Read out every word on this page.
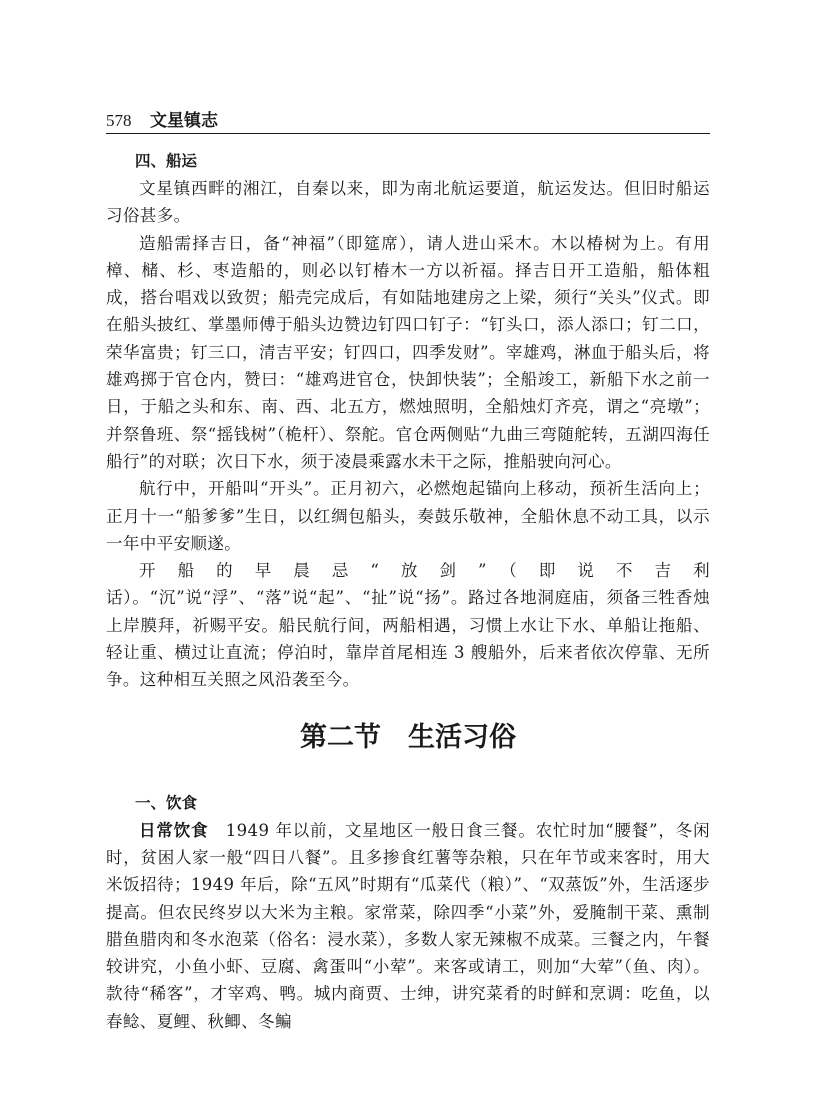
578 文星镇志
四、船运

文星镇西畔的湘江，自秦以来，即为南北航运要道，航运发达。但旧时船运习俗甚多。

造船需择吉日，备“神福”（即筵席），请人进山采木。木以椿树为上。有用樟、槠、杉、枣造船的，则必以钉椿木一方以祈福。择吉日开工造船，船体粗成，搭台唱戏以致贺；船壳完成后，有如陆地建房之上梁，须行“关头”仪式。即在船头披红、掌墨师傅于船头边赞边钉四口钉子：“钉头口，添人添口；钉二口，荣华富贵；钉三口，清吉平安；钉四口，四季发财”。宰雄鸡，淋血于船头后，将雄鸡掷于官仓内，赞曰：“雄鸡进官仓，快卸快装”；全船竣工，新船下水之前一日，于船之头和东、南、西、北五方，燃烛照明，全船烛灯齐亮，谓之“亮墩”；并祭鲁班、祭“摇钱树”（桅杆）、祭舵。官仓两侧贴“九曲三弯随舵转，五湖四海任船行”的对联；次日下水，须于凌晨乘露水未干之际，推船驶向河心。

航行中，开船叫“开头”。正月初六，必燃炮起锚向上移动，预祈生活向上；正月十一“船爹爹”生日，以红绸包船头，奏鼓乐敬神，全船休息不动工具，以示一年中平安顺遂。

开船的早晨忌“放剑”（即说不吉利话）。“沉”说“浮”、“落”说“起”、“扯”说“扬”。路过各地洞庭庙，须备三牲香烛上岸膜拜，祈赐平安。船民航行间，两船相遇，习惯上水让下水、单船让拖船、轻让重、横过让直流；停泊时，靠岸首尾相连 3 艘船外，后来者依次停靠、无所争。这种相互关照之风沿袭至今。

第二节　生活习俗
一、饮食

日常饮食　1949 年以前，文星地区一般日食三餐。农忙时加“腰餐”，冬闲时，贫困人家一般“四日八餐”。且多掺食红薯等杂粮，只在年节或来客时，用大米饭招待；1949 年后，除“五风”时期有“瓜菜代（粮）”、“双蒸饭”外，生活逐步提高。但农民终岁以大米为主粮。家常菜，除四季“小菜”外，爱腌制干菜、熏制腊鱼腊肉和冬水泡菜（俗名：浸水菜），多数人家无辣椒不成菜。三餐之内，午餐较讲究，小鱼小虾、豆腐、禽蛋叫“小荤”。来客或请工，则加“大荤”（鱼、肉）。款待“稀客”，才宰鸡、鸭。城内商贾、士绅，讲究菜肴的时鲜和烹调：吃鱼，以春鲶、夏鲤、秋鲫、冬鳊
